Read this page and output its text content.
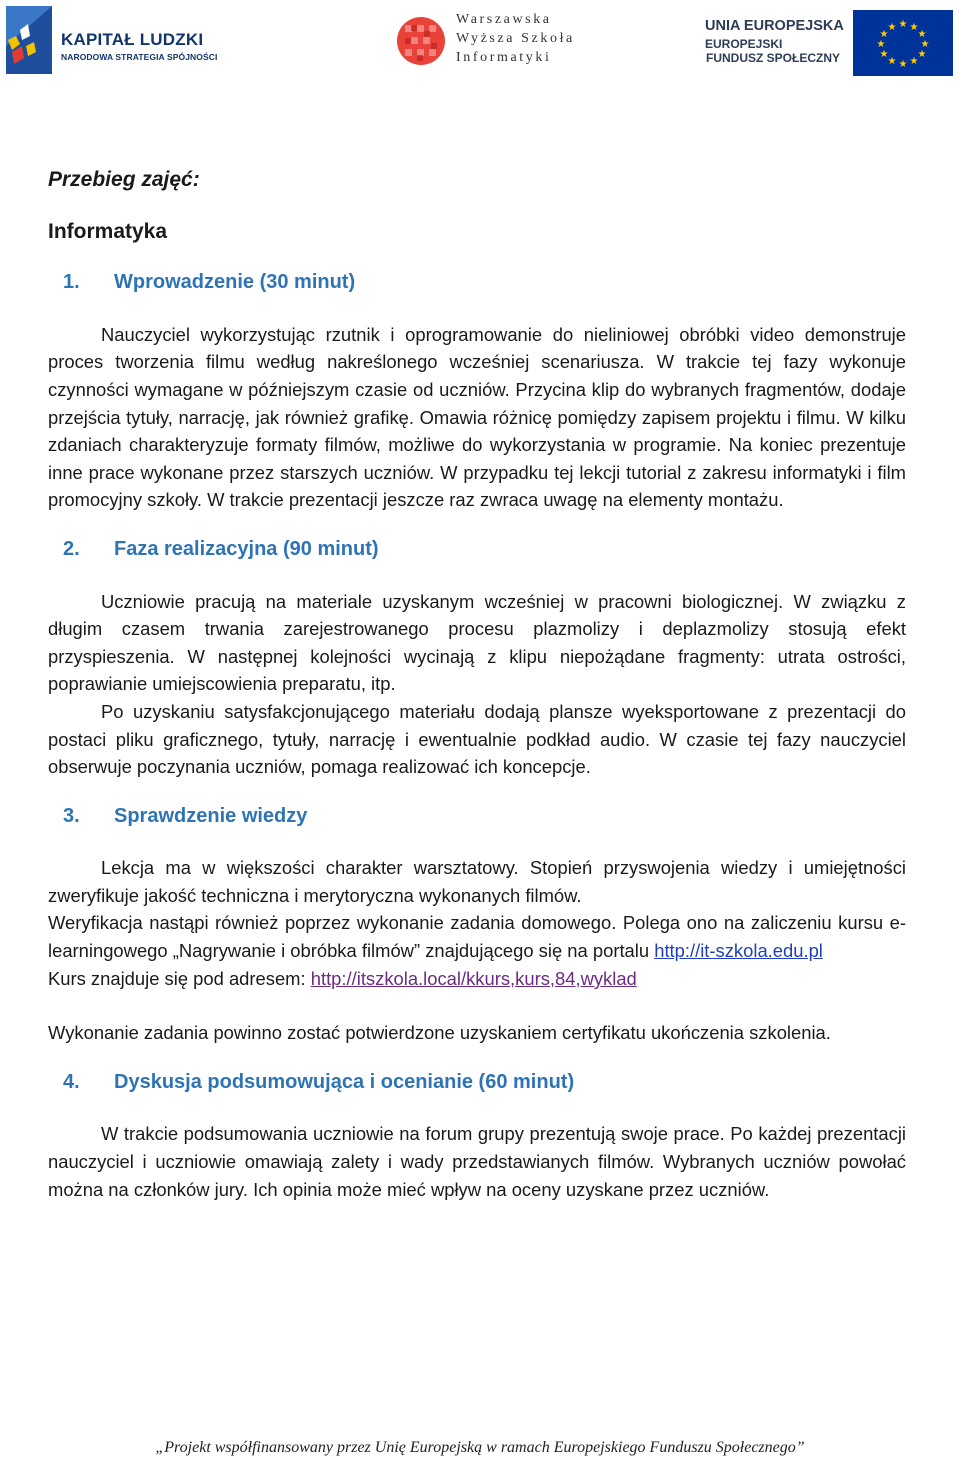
KAPITAŁ LUDZKI
NARODOWA STRATEGIA SPÓJNOŚCI
Warszawska
Wyższa Szkoła
Informatyki
UNIA EUROPEJSKA
EUROPEJSKI
FUNDUSZ SPOŁECZNY
★ ★
★
★
★
★
★
★
★
★
★
★

Przebieg zajęć:

Informatyka

1.	Wprowadzenie (30 minut)

Nauczyciel wykorzystując rzutnik i oprogramowanie do nieliniowej obróbki video demonstruje proces tworzenia filmu według nakreślonego wcześniej scenariusza. W trakcie tej fazy wykonuje czynności wymagane w późniejszym czasie od uczniów. Przycina klip do wybranych fragmentów, dodaje przejścia tytuły, narrację, jak również grafikę. Omawia różnicę pomiędzy zapisem projektu i filmu. W kilku zdaniach charakteryzuje formaty filmów, możliwe do wykorzystania w programie. Na koniec prezentuje inne prace wykonane przez starszych uczniów. W przypadku tej lekcji tutorial z zakresu informatyki i film promocyjny szkoły. W trakcie prezentacji jeszcze raz zwraca uwagę na elementy montażu.

2.	Faza realizacyjna (90 minut)

Uczniowie pracują na materiale uzyskanym wcześniej w pracowni biologicznej. W związku z długim czasem trwania zarejestrowanego procesu plazmolizy i deplazmolizy stosują efekt przyspieszenia. W następnej kolejności wycinają z klipu niepożądane fragmenty: utrata ostrości, poprawianie umiejscowienia preparatu, itp.

Po uzyskaniu satysfakcjonującego materiału dodają plansze wyeksportowane z prezentacji do postaci pliku graficznego, tytuły, narrację i ewentualnie podkład audio. W czasie tej fazy nauczyciel obserwuje poczynania uczniów, pomaga realizować ich koncepcje.

3.	Sprawdzenie wiedzy

Lekcja ma w większości charakter warsztatowy. Stopień przyswojenia wiedzy i umiejętności zweryfikuje jakość techniczna i merytoryczna wykonanych filmów.

Weryfikacja nastąpi również poprzez wykonanie zadania domowego. Polega ono na zaliczeniu kursu e-learningowego „Nagrywanie i obróbka filmów” znajdującego się na portalu http://it-szkola.edu.pl

Kurs znajduje się pod adresem: http://itszkola.local/kkurs,kurs,84,wyklad

Wykonanie zadania powinno zostać potwierdzone uzyskaniem certyfikatu ukończenia szkolenia.

4.	Dyskusja podsumowująca i ocenianie (60 minut)

W trakcie podsumowania uczniowie na forum grupy prezentują swoje prace. Po każdej prezentacji nauczyciel i uczniowie omawiają zalety i wady przedstawianych filmów. Wybranych uczniów powołać można na członków jury. Ich opinia może mieć wpływ na oceny uzyskane przez uczniów.

„Projekt współfinansowany przez Unię Europejską w ramach Europejskiego Funduszu Społecznego”
